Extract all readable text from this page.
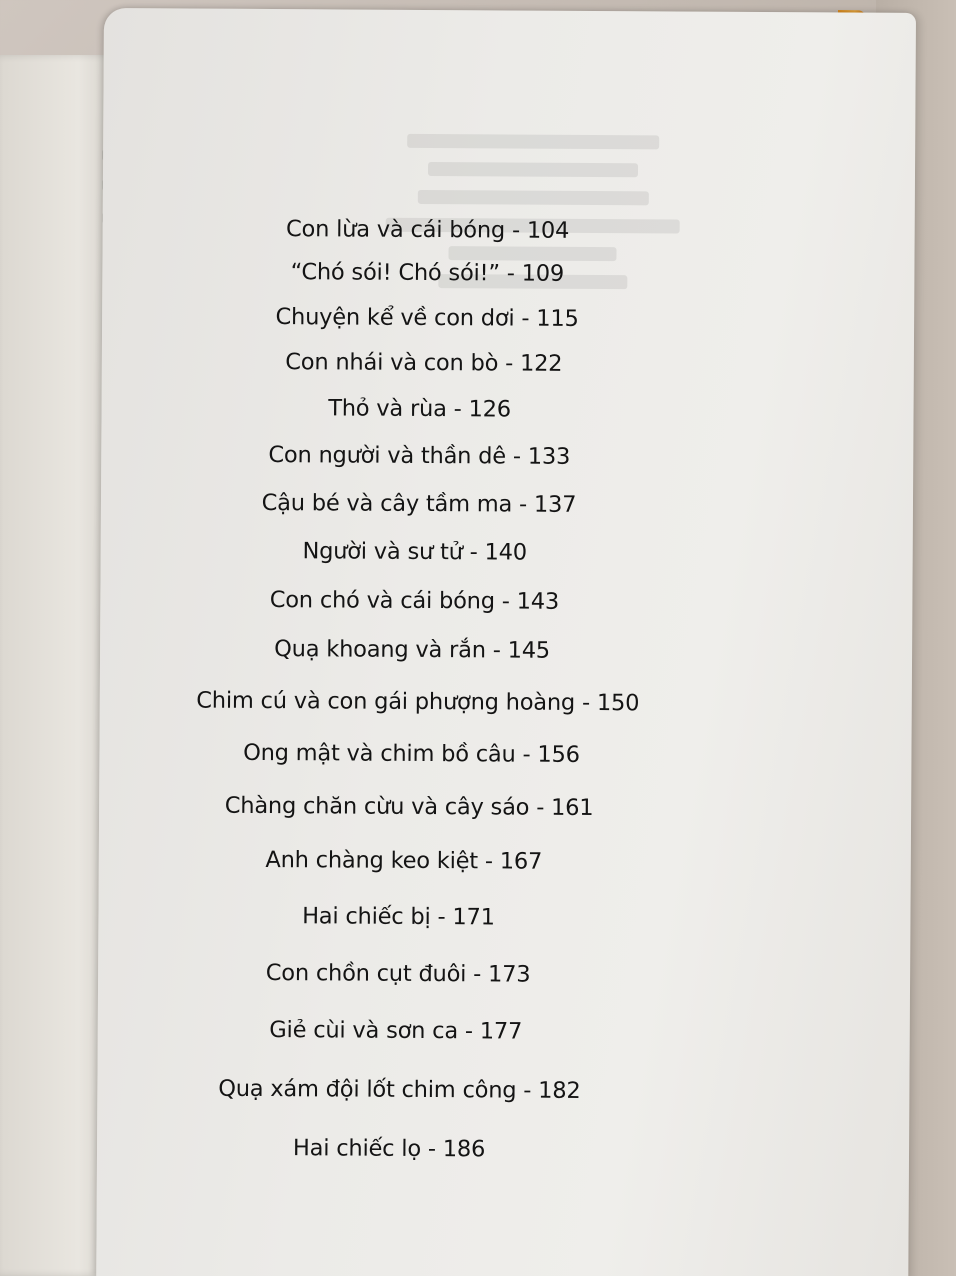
Con lừa và cái bóng - 104
“Chó sói! Chó sói!” - 109
Chuyện kể về con dơi - 115
Con nhái và con bò - 122
Thỏ và rùa - 126
Con người và thần dê - 133
Cậu bé và cây tầm ma - 137
Người và sư tử - 140
Con chó và cái bóng - 143
Quạ khoang và rắn - 145
Chim cú và con gái phượng hoàng - 150
Ong mật và chim bồ câu - 156
Chàng chăn cừu và cây sáo - 161
Anh chàng keo kiệt - 167
Hai chiếc bị - 171
Con chồn cụt đuôi - 173
Giẻ cùi và sơn ca - 177
Quạ xám đội lốt chim công - 182
Hai chiếc lọ - 186
